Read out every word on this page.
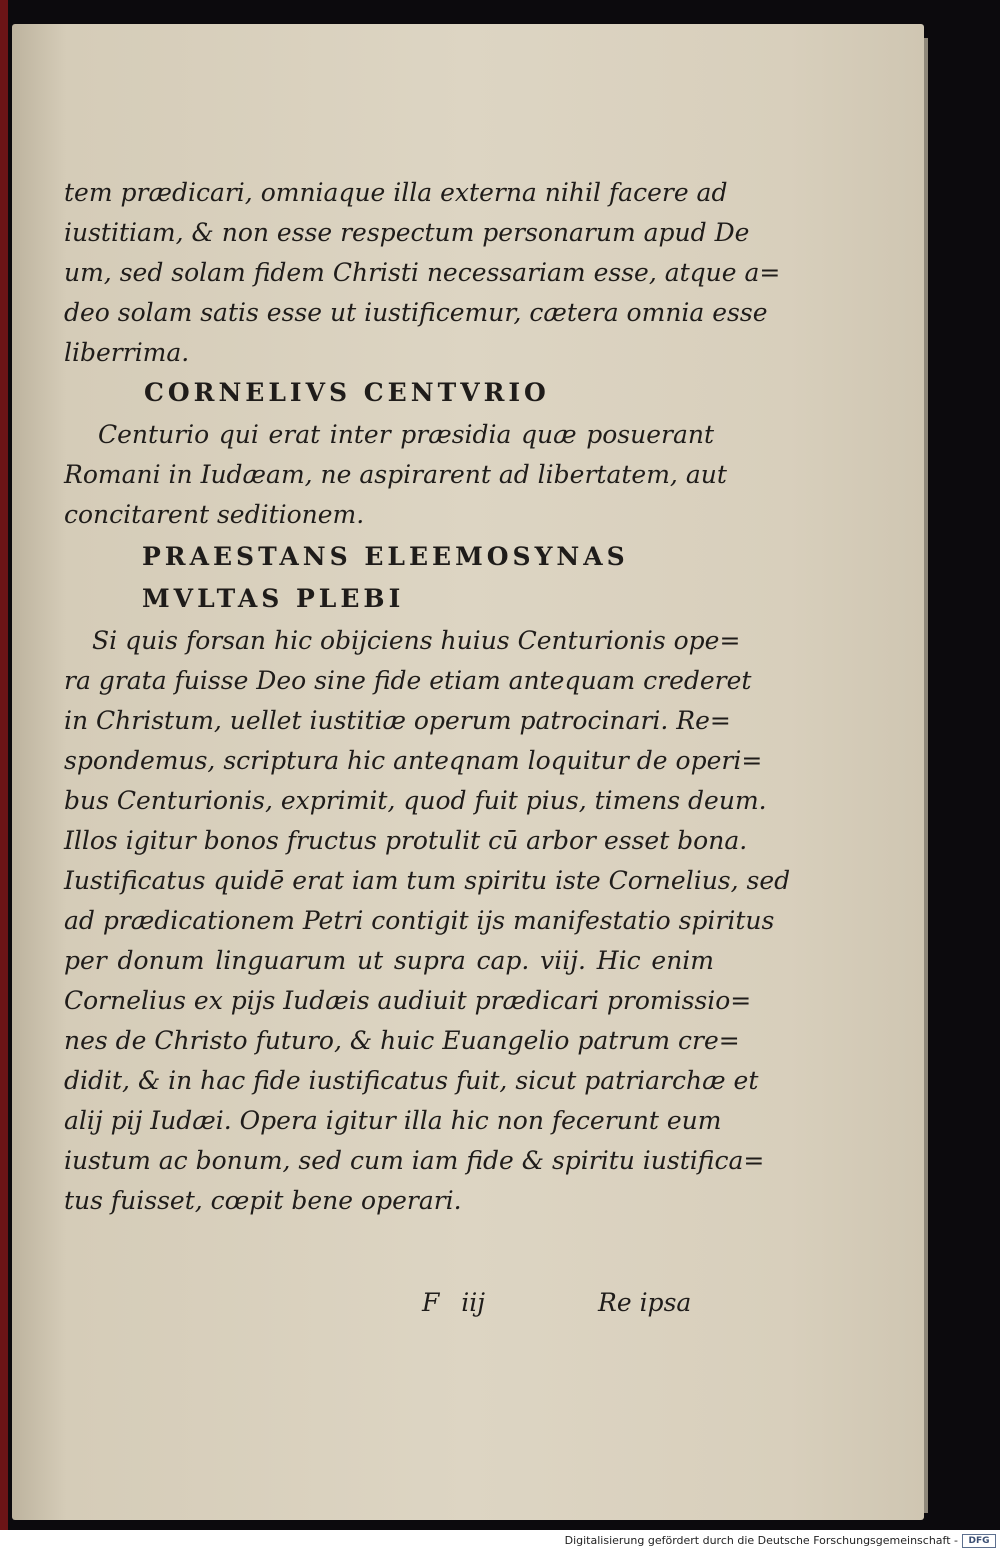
tem prædicari, omniaque illa externa nihil facere ad

iustitiam, & non esse respectum personarum apud De

um, sed solam fidem Christi necessariam esse, atque a=

deo solam satis esse ut iustificemur, cætera omnia esse

liberrima.

CORNELIVS CENTVRIO

Centurio qui erat inter præsidia quæ posuerant

Romani in Iudæam, ne aspirarent ad libertatem, aut

concitarent seditionem.

PRAESTANS ELEEMOSYNAS
MVLTAS PLEBI

Si quis forsan hic obijciens huius Centurionis ope=

ra grata fuisse Deo sine fide etiam antequam crederet

in Christum, uellet iustitiæ operum patrocinari. Re=

spondemus, scriptura hic anteqnam loquitur de operi=

bus Centurionis, exprimit, quod fuit pius, timens deum.

Illos igitur bonos fructus protulit cū arbor esset bona.

Iustificatus quidē erat iam tum spiritu iste Cornelius, sed

ad prædicationem Petri contigit ijs manifestatio spiritus

per donum linguarum ut supra cap. viij. Hic enim

Cornelius ex pijs Iudæis audiuit prædicari promissio=

nes de Christo futuro, & huic Euangelio patrum cre=

didit, & in hac fide iustificatus fuit, sicut patriarchæ et

alij pij Iudæi. Opera igitur illa hic non fecerunt eum

iustum ac bonum, sed cum iam fide & spiritu iustifica=

tus fuisset, cœpit bene operari.

F iij	Re ipsa
Digitalisierung gefördert durch die Deutsche Forschungsgemeinschaft - DFG
